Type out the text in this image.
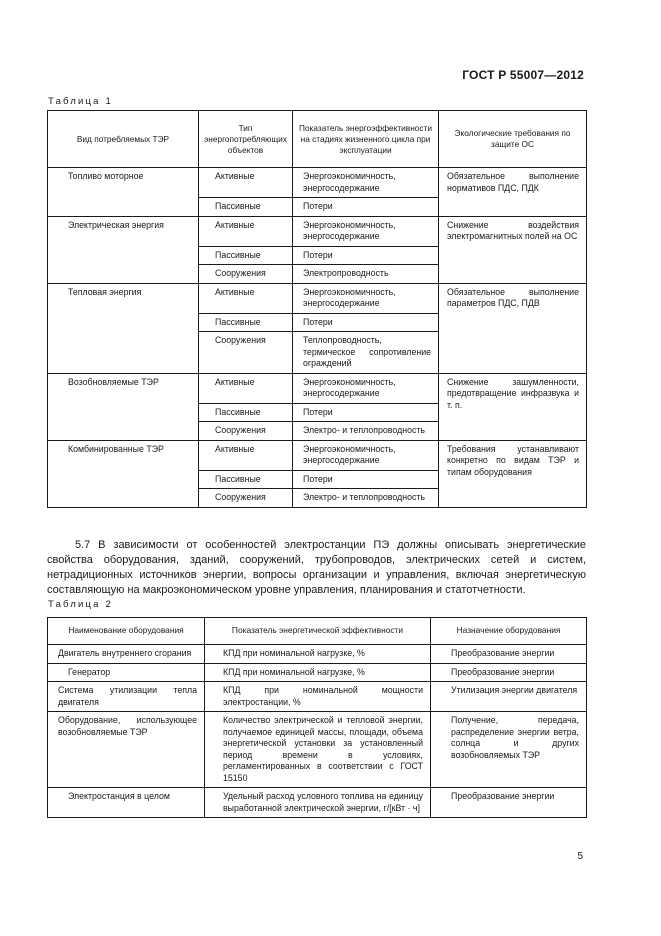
ГОСТ Р 55007—2012
Таблица 1
Вид потребляемых ТЭР	Тип энергопотребляющих объектов	Показатель энергоэффективности на стадиях жизненного цикла при эксплуатации	Экологические требования по защите ОС
Топливо моторное	Активные	Энергоэкономичность, энергосодержание	Обязательное выполнение нормативов ПДС, ПДК
	Пассивные	Потери	
Электрическая энергия	Активные	Энергоэкономичность, энергосодержание	Снижение воздействия электромагнитных полей на ОС
	Пассивные	Потери	
	Сооружения	Электропроводность	
Тепловая энергия	Активные	Энергоэкономичность, энергосодержание	Обязательное выполнение параметров ПДС, ПДВ
	Пассивные	Потери	
	Сооружения	Теплопроводность, термическое сопротивление ограждений	
Возобновляемые ТЭР	Активные	Энергоэкономичность, энергосодержание	Снижение зашумленности, предотвращение инфразвука и т. п.
	Пассивные	Потери	
	Сооружения	Электро- и теплопроводность	
Комбинированные ТЭР	Активные	Энергоэкономичность, энергосодержание	Требования устанавливают конкретно по видам ТЭР и типам оборудования
	Пассивные	Потери	
	Сооружения	Электро- и теплопроводность	

5.7 В зависимости от особенностей электростанции ПЭ должны описывать энергетические свойства оборудования, зданий, сооружений, трубопроводов, электрических сетей и систем, нетрадиционных источников энергии, вопросы организации и управления, включая энергетическую составляющую на макроэкономическом уровне управления, планирования и статотчетности.

Таблица 2
Наименование оборудования	Показатель энергетической эффективности	Назначение оборудования
Двигатель внутреннего сгорания	КПД при номинальной нагрузке, %	Преобразование энергии
Генератор	КПД при номинальной нагрузке, %	Преобразование энергии
Система утилизации тепла двигателя	КПД при номинальной мощности электростанции, %	Утилизация энергии двигателя
Оборудование, использующее возобновляемые ТЭР	Количество электрической и тепловой энергии, получаемое единицей массы, площади, объема энергетической установки за установленный период времени в условиях, регламентированных в соответствии с ГОСТ 15150	Получение, передача, распределение энергии ветра, солнца и других возобновляемых ТЭР
Электростанция в целом	Удельный расход условного топлива на единицу выработанной электрической энергии, г/[кВт · ч]	Преобразование энергии
5
